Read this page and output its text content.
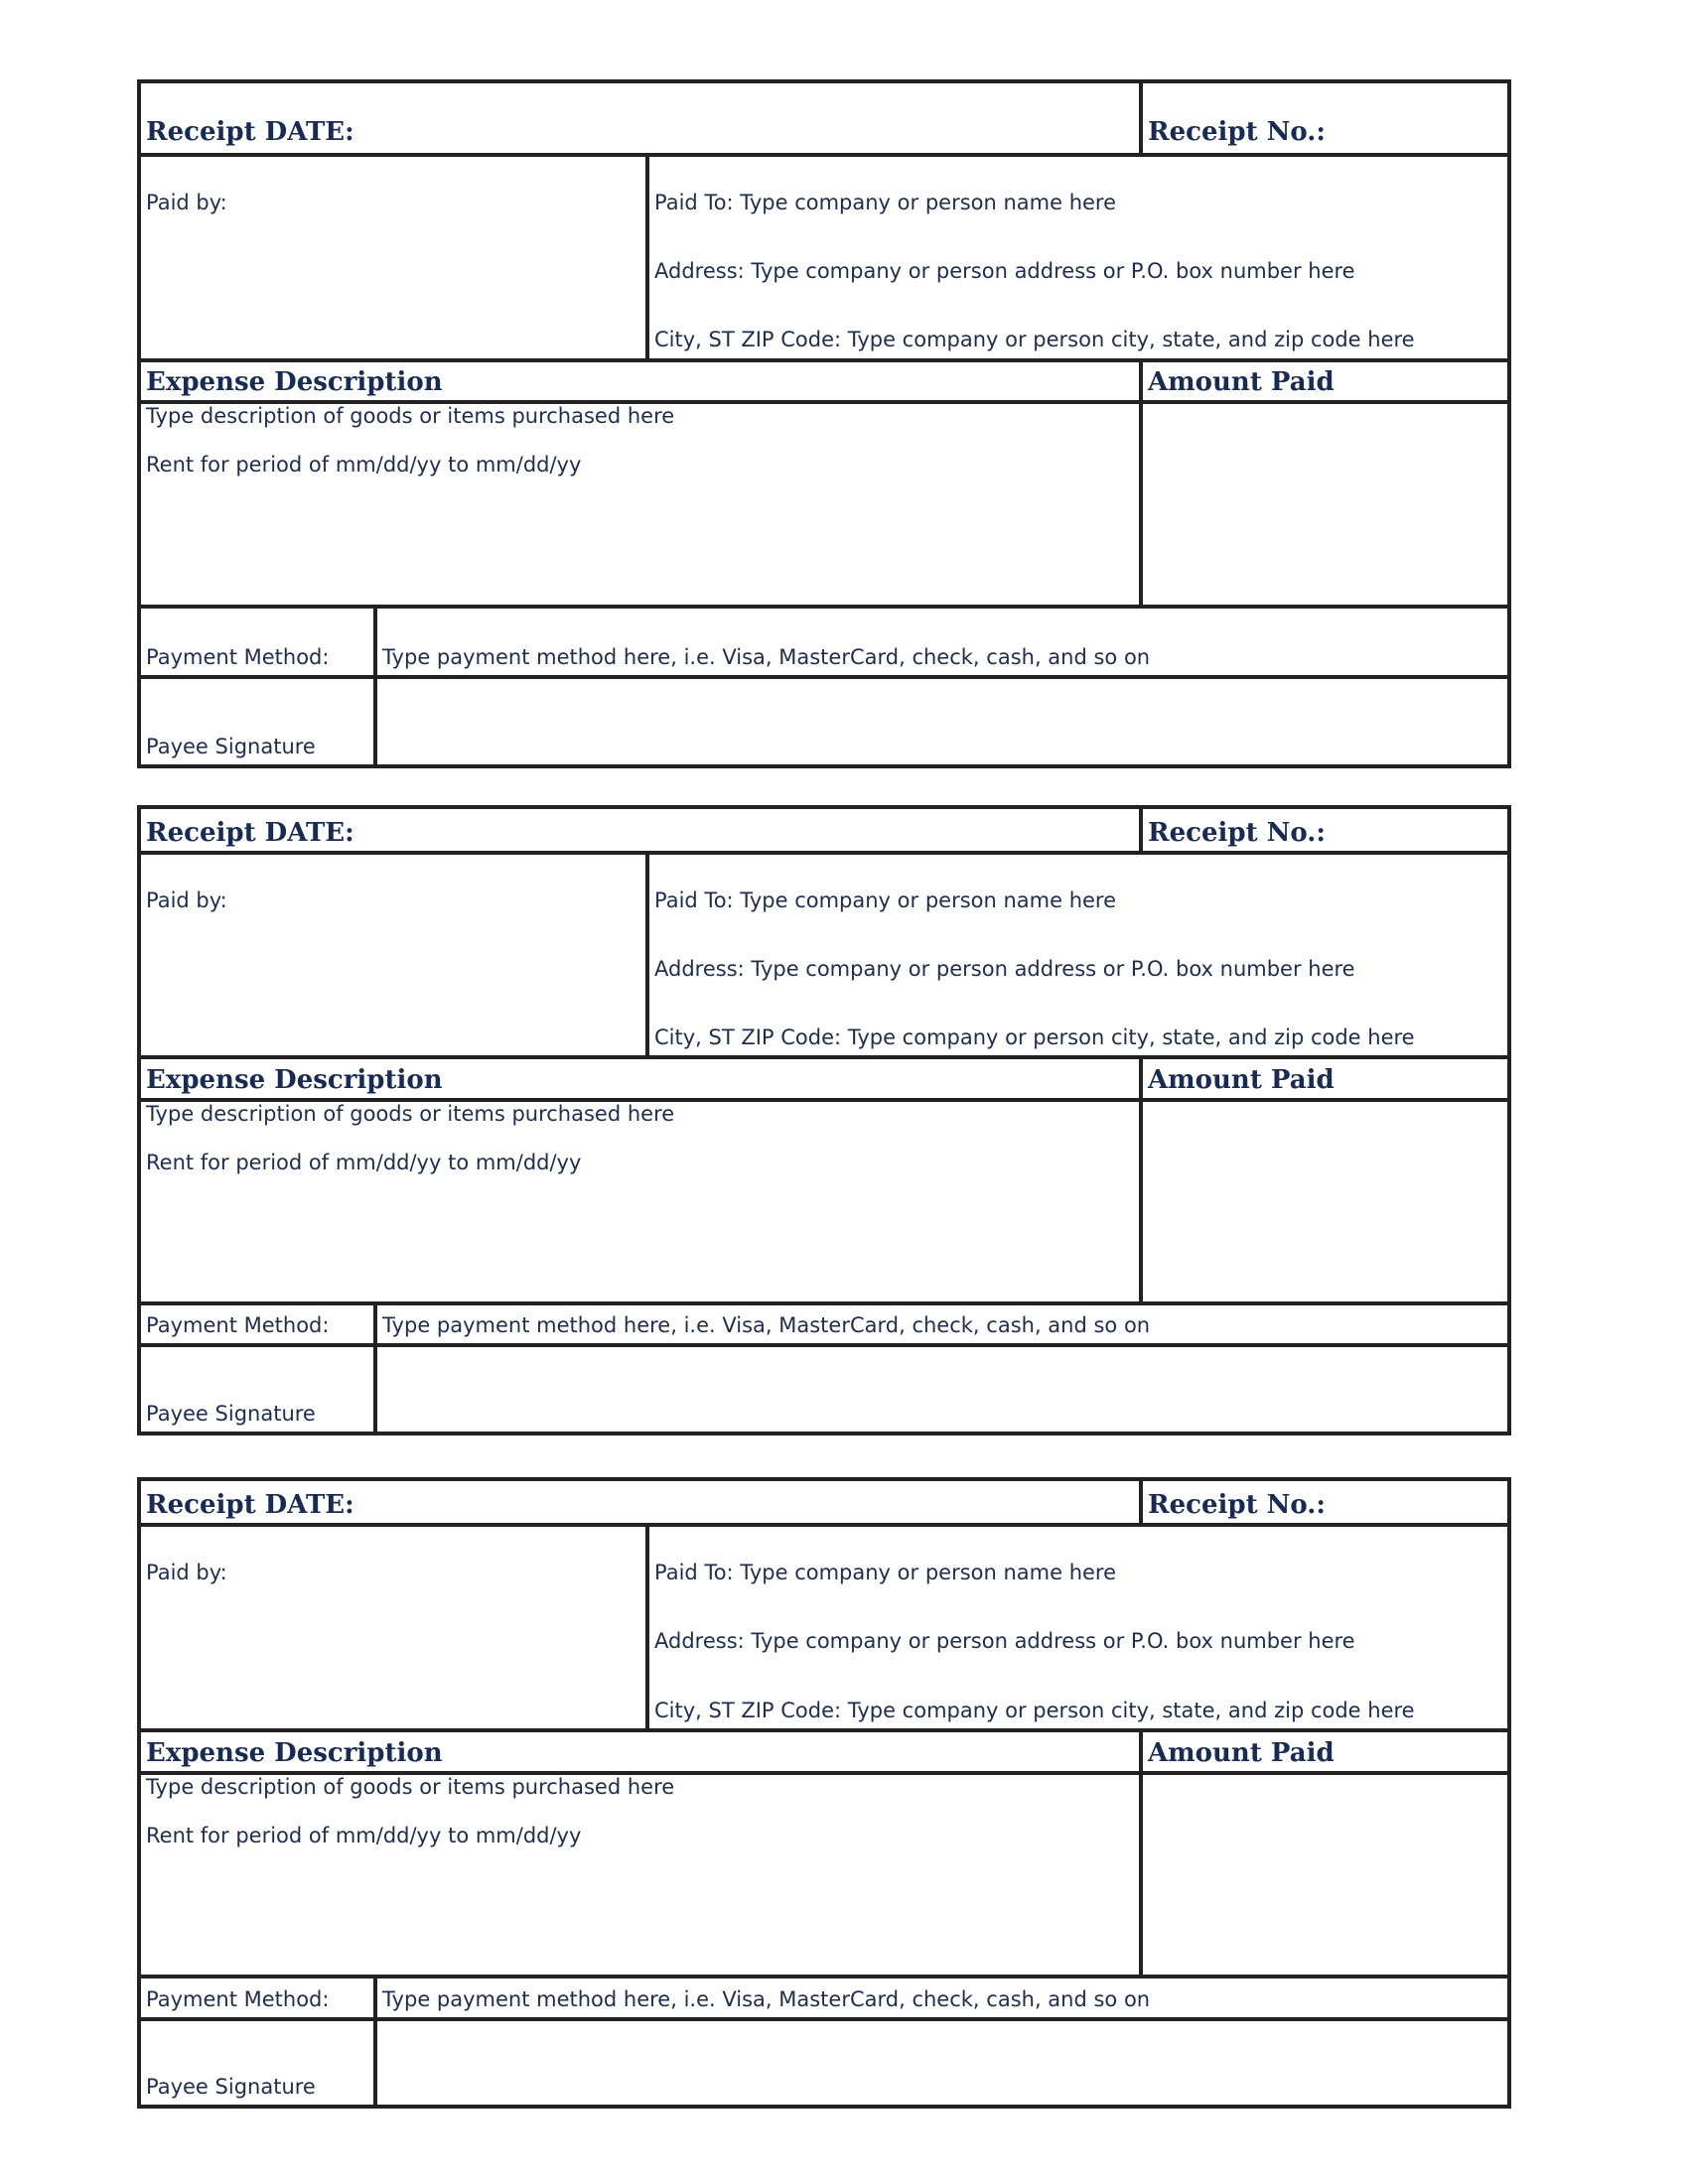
Receipt DATE:	Receipt No.:
Paid by:	Paid To: Type company or person name here
Address: Type company or person address or P.O. box number here
City, ST ZIP Code: Type company or person city, state, and zip code here
Expense Description	Amount Paid
Type description of goods or items purchased here
Rent for period of mm/dd/yy to mm/dd/yy
Payment Method:	Type payment method here, i.e. Visa, MasterCard, check, cash, and so on
Payee Signature
Receipt DATE:	Receipt No.:
Paid by:	Paid To: Type company or person name here
Address: Type company or person address or P.O. box number here
City, ST ZIP Code: Type company or person city, state, and zip code here
Expense Description	Amount Paid
Type description of goods or items purchased here
Rent for period of mm/dd/yy to mm/dd/yy
Payment Method:	Type payment method here, i.e. Visa, MasterCard, check, cash, and so on
Payee Signature
Receipt DATE:	Receipt No.:
Paid by:	Paid To: Type company or person name here
Address: Type company or person address or P.O. box number here
City, ST ZIP Code: Type company or person city, state, and zip code here
Expense Description	Amount Paid
Type description of goods or items purchased here
Rent for period of mm/dd/yy to mm/dd/yy
Payment Method:	Type payment method here, i.e. Visa, MasterCard, check, cash, and so on
Payee Signature
